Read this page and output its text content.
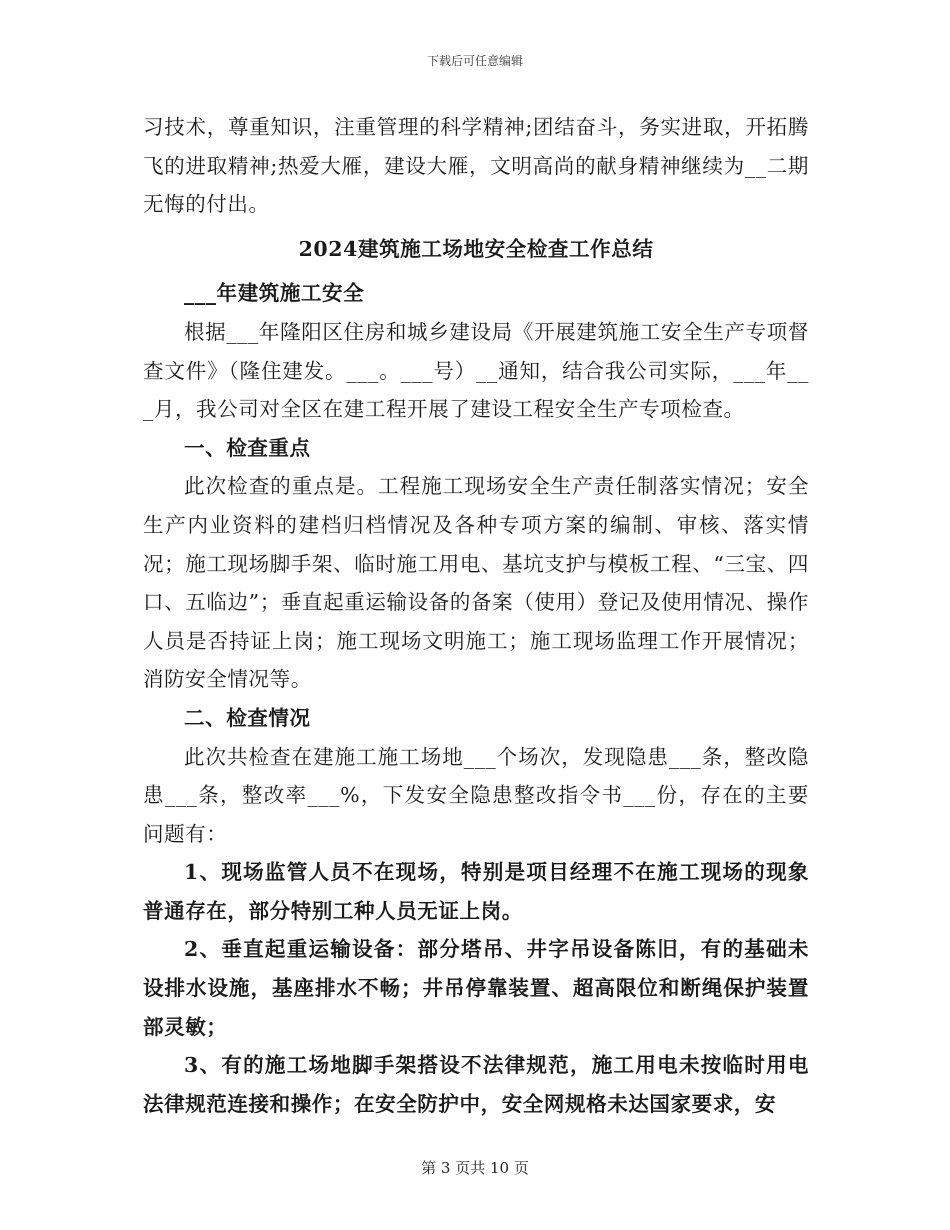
下载后可任意编辑

习技术，尊重知识，注重管理的科学精神;团结奋斗，务实进取，开拓腾飞的进取精神;热爱大雁，建设大雁，文明高尚的献身精神继续为__二期无悔的付出。

2024建筑施工场地安全检查工作总结

___年建筑施工安全

根据___年隆阳区住房和城乡建设局《开展建筑施工安全生产专项督查文件》（隆住建发。___。___号）__通知，结合我公司实际，___年___月，我公司对全区在建工程开展了建设工程安全生产专项检查。

一、检查重点

此次检查的重点是。工程施工现场安全生产责任制落实情况；安全生产内业资料的建档归档情况及各种专项方案的编制、审核、落实情况；施工现场脚手架、临时施工用电、基坑支护与模板工程、“三宝、四口、五临边”；垂直起重运输设备的备案（使用）登记及使用情况、操作人员是否持证上岗；施工现场文明施工；施工现场监理工作开展情况；消防安全情况等。

二、检查情况

此次共检查在建施工施工场地___个场次，发现隐患___条，整改隐患___条，整改率___%，下发安全隐患整改指令书___份，存在的主要问题有：

1、现场监管人员不在现场，特别是项目经理不在施工现场的现象普通存在，部分特别工种人员无证上岗。

2、垂直起重运输设备：部分塔吊、井字吊设备陈旧，有的基础未设排水设施，基座排水不畅；井吊停靠装置、超高限位和断绳保护装置部灵敏；

3、有的施工场地脚手架搭设不法律规范，施工用电未按临时用电法律规范连接和操作；在安全防护中，安全网规格未达国家要求，安

第 3 页共 10 页
